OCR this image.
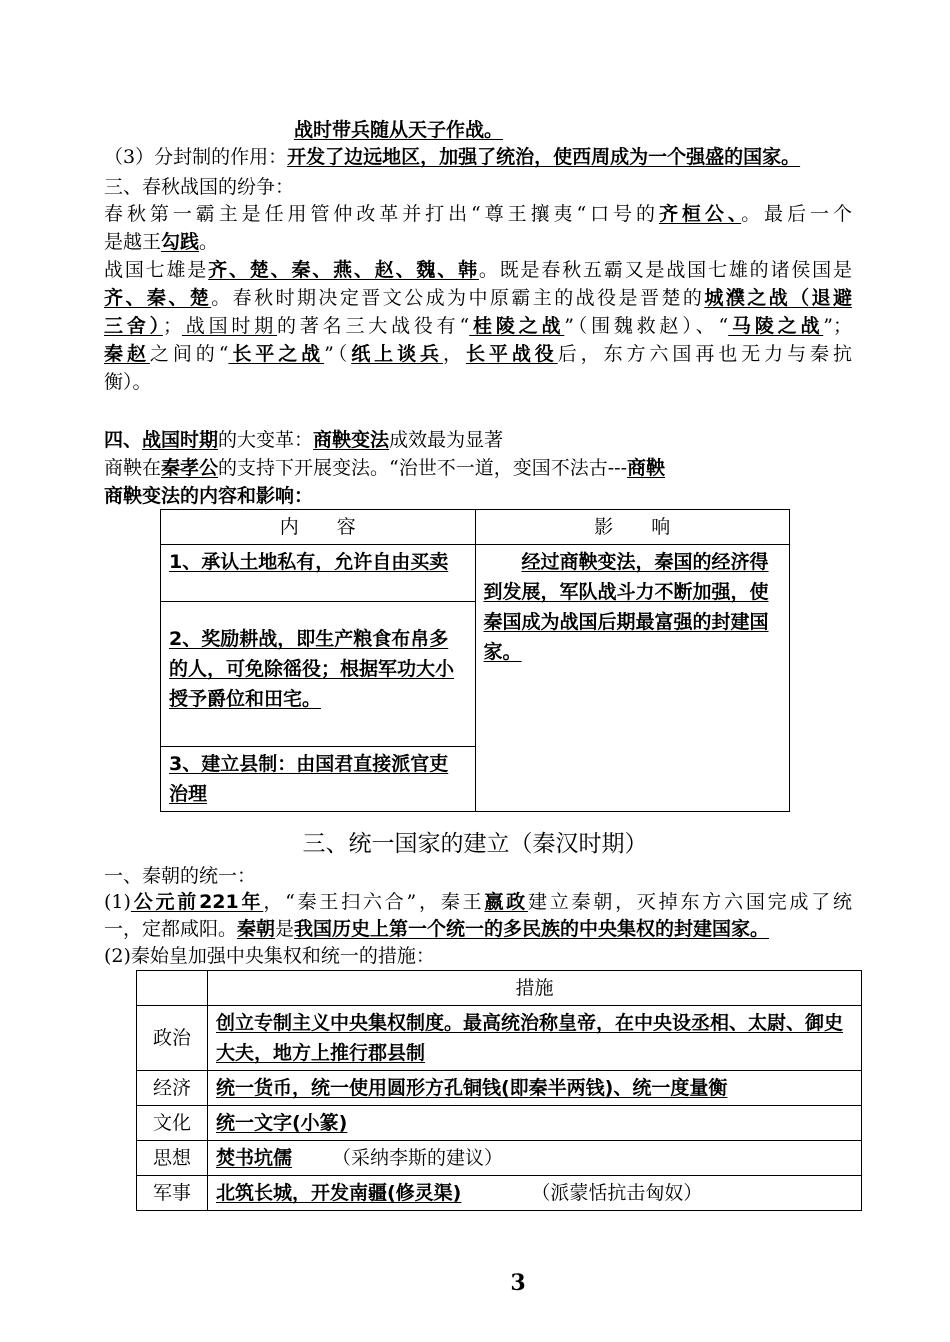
战时带兵随从天子作战。
（3）分封制的作用：开发了边远地区，加强了统治，使西周成为一个强盛的国家。
三、春秋战国的纷争：
春秋第一霸主是任用管仲改革并打出“尊王攘夷“口号的齐桓公、。最后一个
是越王勾践。
战国七雄是齐、楚、秦、燕、赵、魏、韩。既是春秋五霸又是战国七雄的诸侯国是
齐、秦、楚。春秋时期决定晋文公成为中原霸主的战役是晋楚的城濮之战（退避
三舍）；战国时期的著名三大战役有“桂陵之战”（围魏救赵）、“马陵之战”；
秦赵之间的“长平之战”（纸上谈兵，长平战役后，东方六国再也无力与秦抗
衡）。
四、战国时期的大变革：商鞅变法成效最为显著
商鞅在秦孝公的支持下开展变法。“治世不一道，变国不法古---商鞅
商鞅变法的内容和影响：
内　　容	影　　响
1、承认土地私有，允许自由买卖	经过商鞅变法，秦国的经济得到发展，军队战斗力不断加强，使秦国成为战国后期最富强的封建国家。
2、奖励耕战，即生产粮食布帛多的人，可免除徭役；根据军功大小授予爵位和田宅。	
3、建立县制：由国君直接派官吏治理	
三、统一国家的建立（秦汉时期）
一、秦朝的统一：
(1)公元前221年，“秦王扫六合”，秦王嬴政建立秦朝，灭掉东方六国完成了统
一，定都咸阳。秦朝是我国历史上第一个统一的多民族的中央集权的封建国家。
(2)秦始皇加强中央集权和统一的措施：
	措施
政治	创立专制主义中央集权制度。最高统治称皇帝，在中央设丞相、太尉、御史大夫，地方上推行郡县制
经济	统一货币，统一使用圆形方孔铜钱(即秦半两钱)、统一度量衡
文化	统一文字(小篆)
思想	焚书坑儒 （采纳李斯的建议）
军事	北筑长城，开发南疆(修灵渠) （派蒙恬抗击匈奴）
3
